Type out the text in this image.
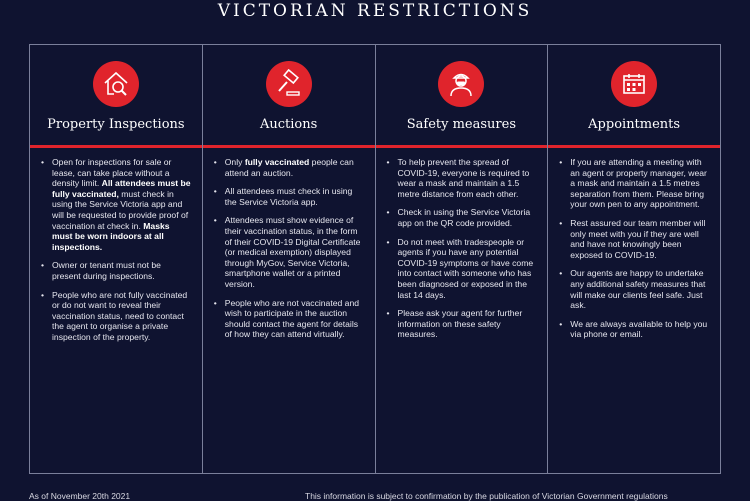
VICTORIAN RESTRICTIONS
Property Inspections
• Open for inspections for sale or lease, can take place without a density limit. All attendees must be fully vaccinated, must check in using the Service Victoria app and will be requested to provide proof of vaccination at check in. Masks must be worn indoors at all inspections.
• Owner or tenant must not be present during inspections.
• People who are not fully vaccinated or do not want to reveal their vaccination status, need to contact the agent to organise a private inspection of the property.
Auctions
• Only fully vaccinated people can attend an auction.
• All attendees must check in using the Service Victoria app.
• Attendees must show evidence of their vaccination status, in the form of their COVID-19 Digital Certificate (or medical exemption) displayed through MyGov, Service Victoria, smartphone wallet or a printed version.
• People who are not vaccinated and wish to participate in the auction should contact the agent for details of how they can attend virtually.
Safety measures
• To help prevent the spread of COVID-19, everyone is required to wear a mask and maintain a 1.5 metre distance from each other.
• Check in using the Service Victoria app on the QR code provided.
• Do not meet with tradespeople or agents if you have any potential COVID-19 symptoms or have come into contact with someone who has been diagnosed or exposed in the last 14 days.
• Please ask your agent for further information on these safety measures.
Appointments
• If you are attending a meeting with an agent or property manager, wear a mask and maintain a 1.5 metres separation from them. Please bring your own pen to any appointment.
• Rest assured our team member will only meet with you if they are well and have not knowingly been exposed to COVID-19.
• Our agents are happy to undertake any additional safety measures that will make our clients feel safe. Just ask.
• We are always available to help you via phone or email.
As of November 20th 2021	This information is subject to confirmation by the publication of Victorian Government regulations
